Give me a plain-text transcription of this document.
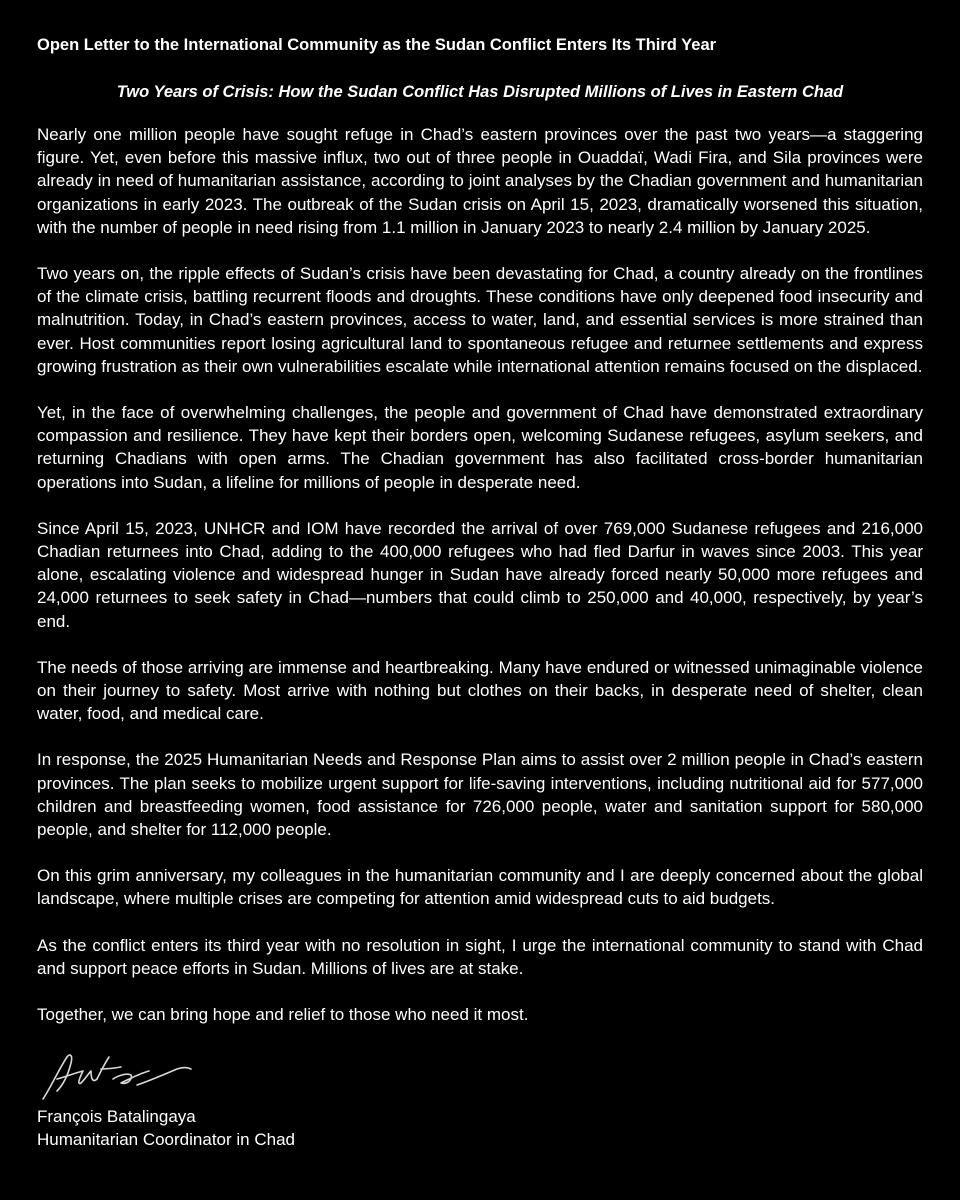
Open Letter to the International Community as the Sudan Conflict Enters Its Third Year
Two Years of Crisis: How the Sudan Conflict Has Disrupted Millions of Lives in Eastern Chad

Nearly one million people have sought refuge in Chad’s eastern provinces over the past two years—a staggering figure. Yet, even before this massive influx, two out of three people in Ouaddaï, Wadi Fira, and Sila provinces were already in need of humanitarian assistance, according to joint analyses by the Chadian government and humanitarian organizations in early 2023. The outbreak of the Sudan crisis on April 15, 2023, dramatically worsened this situation, with the number of people in need rising from 1.1 million in January 2023 to nearly 2.4 million by January 2025.

Two years on, the ripple effects of Sudan’s crisis have been devastating for Chad, a country already on the frontlines of the climate crisis, battling recurrent floods and droughts. These conditions have only deepened food insecurity and malnutrition. Today, in Chad’s eastern provinces, access to water, land, and essential services is more strained than ever. Host communities report losing agricultural land to spontaneous refugee and returnee settlements and express growing frustration as their own vulnerabilities escalate while international attention remains focused on the displaced.

Yet, in the face of overwhelming challenges, the people and government of Chad have demonstrated extraordinary compassion and resilience. They have kept their borders open, welcoming Sudanese refugees, asylum seekers, and returning Chadians with open arms. The Chadian government has also facilitated cross-border humanitarian operations into Sudan, a lifeline for millions of people in desperate need.

Since April 15, 2023, UNHCR and IOM have recorded the arrival of over 769,000 Sudanese refugees and 216,000 Chadian returnees into Chad, adding to the 400,000 refugees who had fled Darfur in waves since 2003. This year alone, escalating violence and widespread hunger in Sudan have already forced nearly 50,000 more refugees and 24,000 returnees to seek safety in Chad—numbers that could climb to 250,000 and 40,000, respectively, by year’s end.

The needs of those arriving are immense and heartbreaking. Many have endured or witnessed unimaginable violence on their journey to safety. Most arrive with nothing but clothes on their backs, in desperate need of shelter, clean water, food, and medical care.

In response, the 2025 Humanitarian Needs and Response Plan aims to assist over 2 million people in Chad’s eastern provinces. The plan seeks to mobilize urgent support for life-saving interventions, including nutritional aid for 577,000 children and breastfeeding women, food assistance for 726,000 people, water and sanitation support for 580,000 people, and shelter for 112,000 people.

On this grim anniversary, my colleagues in the humanitarian community and I are deeply concerned about the global landscape, where multiple crises are competing for attention amid widespread cuts to aid budgets.

As the conflict enters its third year with no resolution in sight, I urge the international community to stand with Chad and support peace efforts in Sudan. Millions of lives are at stake.

Together, we can bring hope and relief to those who need it most.

François Batalingaya
Humanitarian Coordinator in Chad
